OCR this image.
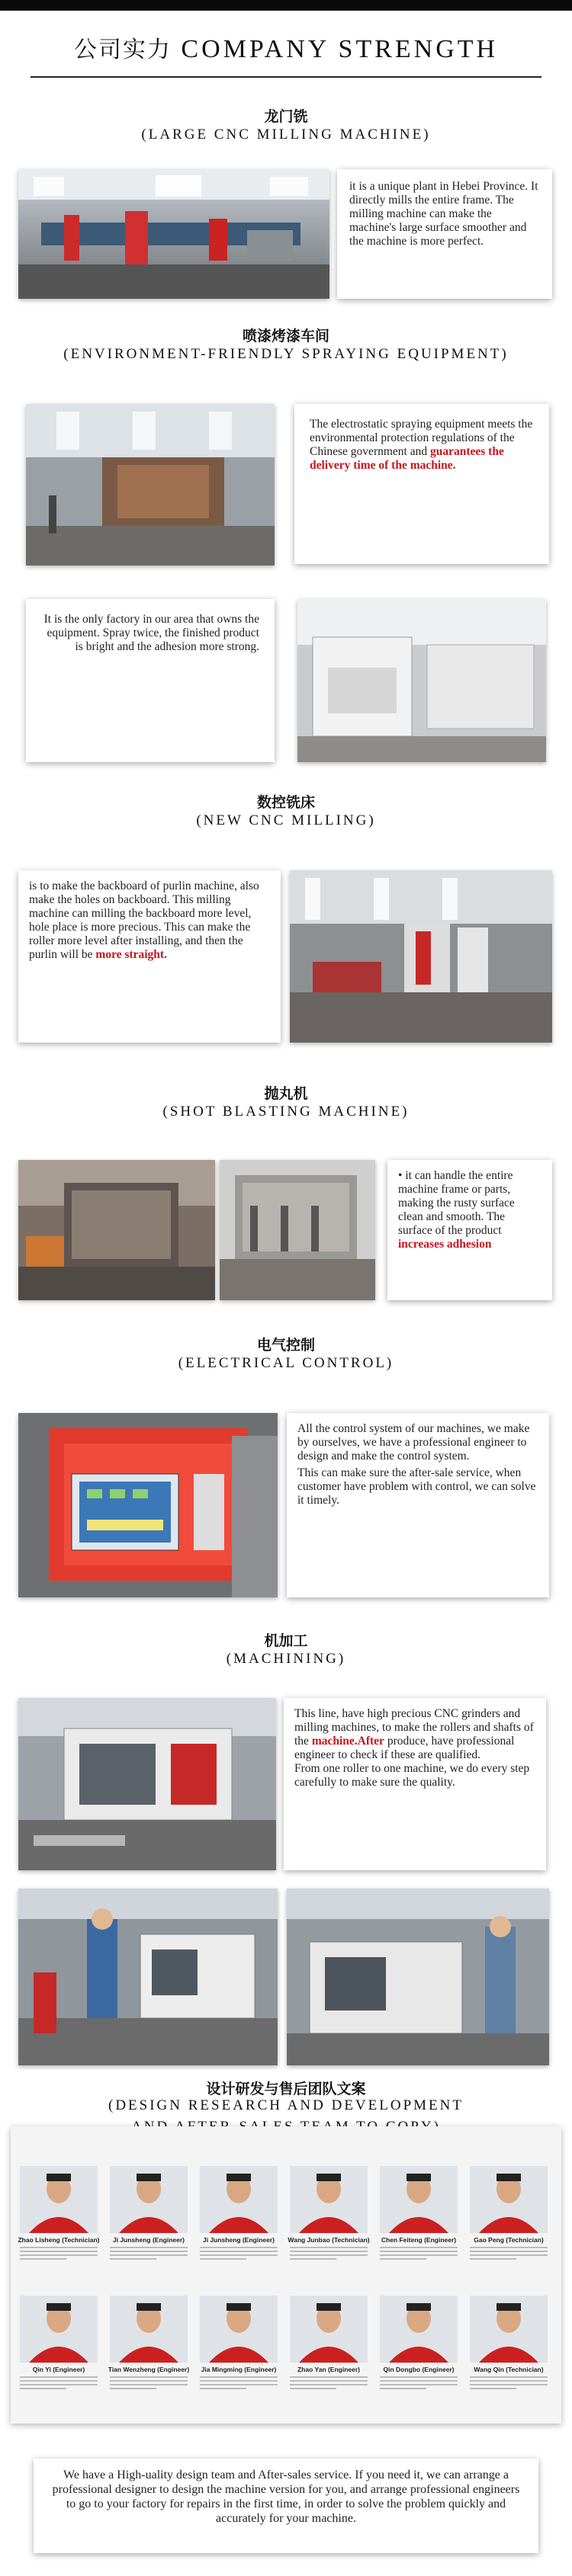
公司实力 COMPANY STRENGTH
龙门铣
(LARGE CNC MILLING MACHINE)
it is a unique plant in Hebei Province. It directly mills the entire frame. The milling machine can make the machine's large surface smoother and the machine is more perfect.
喷漆烤漆车间
(ENVIRONMENT-FRIENDLY SPRAYING EQUIPMENT)
The electrostatic spraying equipment meets the environmental protection regulations of the Chinese government and guarantees the delivery time of the machine.
It is the only factory in our area that owns the equipment. Spray twice, the finished product is bright and the adhesion more strong.
数控铣床
(NEW CNC MILLING)
is to make the backboard of purlin machine, also make the holes on backboard. This milling machine can milling the backboard more level, hole place is more precious. This can make the roller more level after installing, and then the purlin will be more straight.
抛丸机
(SHOT BLASTING MACHINE)
• it can handle the entire machine frame or parts, making the rusty surface clean and smooth. The surface of the product increases adhesion
电气控制
(ELECTRICAL CONTROL)
All the control system of our machines, we make by ourselves, we have a professional engineer to design and make the control system.
This can make sure the after-sale service, when customer have problem with control, we can solve it timely.
机加工
(MACHINING)
This line, have high precious CNC grinders and milling machines, to make the rollers and shafts of the machine.After produce, have professional engineer to check if these are qualified.
From one roller to one machine, we do every step carefully to make sure the quality.
设计研发与售后团队文案
(DESIGN RESEARCH AND DEVELOPMENT
Zhao Lisheng (Technician)	Ji Junsheng (Engineer)	Ji Junsheng (Engineer)	Wang Junbao (Technician)	Chen Feiteng (Engineer)	Gao Peng (Technician)
Qin Yi (Engineer)	Tian Wenzheng (Engineer)	Jia Mingming (Engineer)	Zhao Yan (Engineer)	Qin Dongbo (Engineer)	Wang Qin (Technician)
We have a High-uality design team and After-sales service. If you need it, we can arrange a professional designer to design the machine version for you, and arrange professional engineers to go to your factory for repairs in the first time, in order to solve the problem quickly and accurately for your machine.
